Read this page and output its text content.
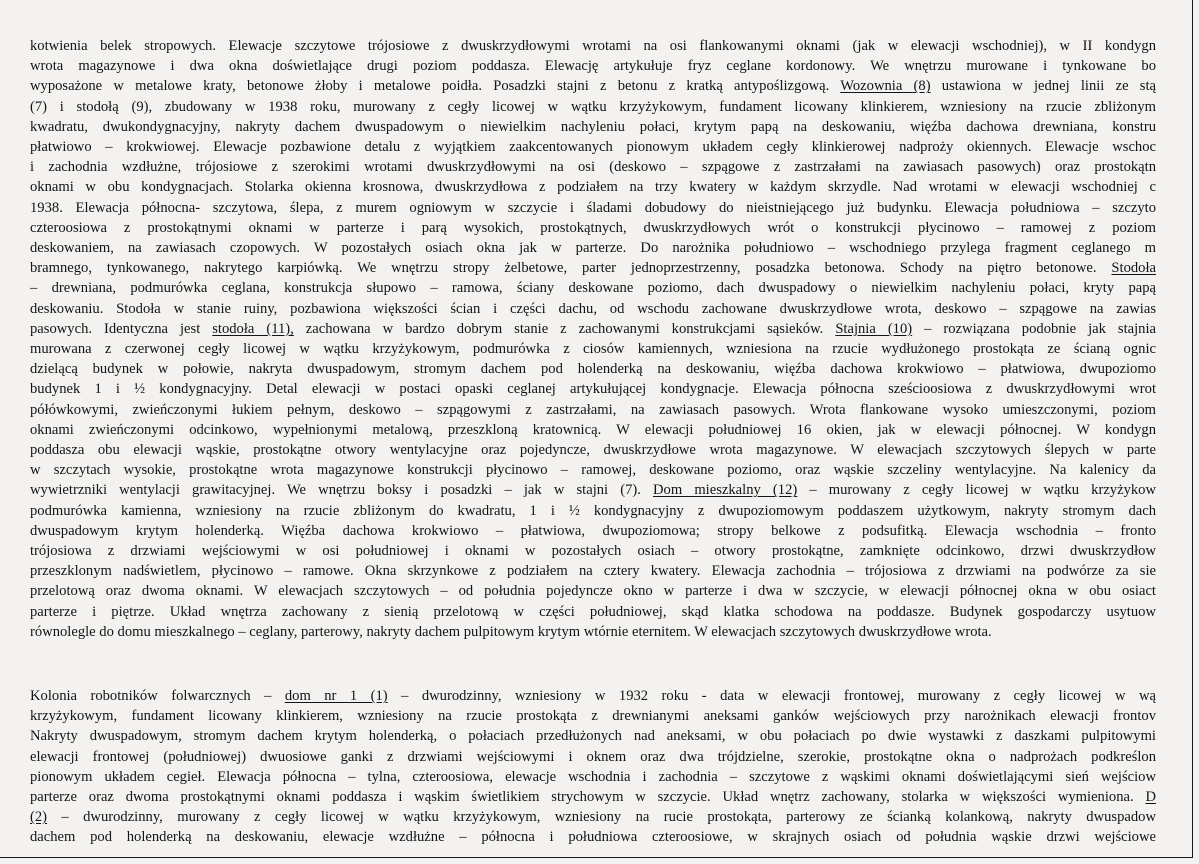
kotwienia belek stropowych. Elewacje szczytowe trójosiowe z dwuskrzydłowymi wrotami na osi flankowanymi oknami (jak w elewacji wschodniej), w II kondygn
wrota magazynowe i dwa okna doświetlające drugi poziom poddasza. Elewację artykułuje fryz ceglane kordonowy. We wnętrzu murowane i tynkowane bo
wyposażone w metalowe kraty, betonowe żłoby i metalowe poidła. Posadzki stajni z betonu z kratką antypoślizgową. Wozownia (8) ustawiona w jednej linii ze stą
(7) i stodołą (9), zbudowany w 1938 roku, murowany z cegły licowej w wątku krzyżykowym, fundament licowany klinkierem, wzniesiony na rzucie zbliżonym
kwadratu, dwukondygnacyjny, nakryty dachem dwuspadowym o niewielkim nachyleniu połaci, krytym papą na deskowaniu, więźba dachowa drewniana, konstru
płatwiowo – krokwiowej. Elewacje pozbawione detalu z wyjątkiem zaakcentowanych pionowym układem cegły klinkierowej nadproży okiennych. Elewacje wschoc
i zachodnia wzdłużne, trójosiowe z szerokimi wrotami dwuskrzydłowymi na osi (deskowo – szpągowe z zastrzałami na zawiasach pasowych) oraz prostokątn
oknami w obu kondygnacjach. Stolarka okienna krosnowa, dwuskrzydłowa z podziałem na trzy kwatery w każdym skrzydle. Nad wrotami w elewacji wschodniej c
1938. Elewacja północna- szczytowa, ślepa, z murem ogniowym w szczycie i śladami dobudowy do nieistniejącego już budynku. Elewacja południowa – szczyto
czteroosiowa z prostokątnymi oknami w parterze i parą wysokich, prostokątnych, dwuskrzydłowych wrót o konstrukcji płycinowo – ramowej z poziom
deskowaniem, na zawiasach czopowych. W pozostałych osiach okna jak w parterze. Do narożnika południowo – wschodniego przylega fragment ceglanego m
bramnego, tynkowanego, nakrytego karpiówką. We wnętrzu stropy żelbetowe, parter jednoprzestrzenny, posadzka betonowa. Schody na piętro betonowe. Stodoła
– drewniana, podmurówka ceglana, konstrukcja słupowo – ramowa, ściany deskowane poziomo, dach dwuspadowy o niewielkim nachyleniu połaci, kryty papą
deskowaniu. Stodoła w stanie ruiny, pozbawiona większości ścian i części dachu, od wschodu zachowane dwuskrzydłowe wrota, deskowo – szpągowe na zawias
pasowych. Identyczna jest stodoła (11), zachowana w bardzo dobrym stanie z zachowanymi konstrukcjami sąsieków. Stajnia (10) – rozwiązana podobnie jak stajnia
murowana z czerwonej cegły licowej w wątku krzyżykowym, podmurówka z ciosów kamiennych, wzniesiona na rzucie wydłużonego prostokąta ze ścianą ognic
dzielącą budynek w połowie, nakryta dwuspadowym, stromym dachem pod holenderką na deskowaniu, więźba dachowa krokwiowo – płatwiowa, dwupoziomo
budynek 1 i ½ kondygnacyjny. Detal elewacji w postaci opaski ceglanej artykułującej kondygnacje. Elewacja północna sześcioosiowa z dwuskrzydłowymi wrot
półówkowymi, zwieńczonymi łukiem pełnym, deskowo – szpągowymi z zastrzałami, na zawiasach pasowych. Wrota flankowane wysoko umieszczonymi, poziom
oknami zwieńczonymi odcinkowo, wypełnionymi metalową, przeszkloną kratownicą. W elewacji południowej 16 okien, jak w elewacji północnej. W kondygn
poddasza obu elewacji wąskie, prostokątne otwory wentylacyjne oraz pojedyncze, dwuskrzydłowe wrota magazynowe. W elewacjach szczytowych ślepych w parte
w szczytach wysokie, prostokątne wrota magazynowe konstrukcji płycinowo – ramowej, deskowane poziomo, oraz wąskie szczeliny wentylacyjne. Na kalenicy da
wywietrzniki wentylacji grawitacyjnej. We wnętrzu boksy i posadzki – jak w stajni (7). Dom mieszkalny (12) – murowany z cegły licowej w wątku krzyżykow
podmurówka kamienna, wzniesiony na rzucie zbliżonym do kwadratu, 1 i ½ kondygnacyjny z dwupoziomowym poddaszem użytkowym, nakryty stromym dach
dwuspadowym krytym holenderką. Więźba dachowa krokwiowo – płatwiowa, dwupoziomowa; stropy belkowe z podsufitką. Elewacja wschodnia – fronto
trójosiowa z drzwiami wejściowymi w osi południowej i oknami w pozostałych osiach – otwory prostokątne, zamknięte odcinkowo, drzwi dwuskrzydłow
przeszklonym nadświetlem, płycinowo – ramowe. Okna skrzynkowe z podziałem na cztery kwatery. Elewacja zachodnia – trójosiowa z drzwiami na podwórze za sie
przelotową oraz dwoma oknami. W elewacjach szczytowych – od południa pojedyncze okno w parterze i dwa w szczycie, w elewacji północnej okna w obu osiact
parterze i piętrze. Układ wnętrza zachowany z sienią przelotową w części południowej, skąd klatka schodowa na poddasze. Budynek gospodarczy usytuow
równolegle do domu mieszkalnego – ceglany, parterowy, nakryty dachem pulpitowym krytym wtórnie eternitem. W elewacjach szczytowych dwuskrzydłowe wrota.
Kolonia robotników folwarcznych – dom nr 1 (1) – dwurodzinny, wzniesiony w 1932 roku - data w elewacji frontowej, murowany z cegły licowej w wą
krzyżykowym, fundament licowany klinkierem, wzniesiony na rzucie prostokąta z drewnianymi aneksami ganków wejściowych przy narożnikach elewacji frontov
Nakryty dwuspadowym, stromym dachem krytym holenderką, o połaciach przedłużonych nad aneksami, w obu połaciach po dwie wystawki z daszkami pulpitowymi
elewacji frontowej (południowej) dwuosiowe ganki z drzwiami wejściowymi i oknem oraz dwa trójdzielne, szerokie, prostokątne okna o nadprożach podkreślon
pionowym układem cegieł. Elewacja północna – tylna, czteroosiowa, elewacje wschodnia i zachodnia – szczytowe z wąskimi oknami doświetlającymi sień wejściow
parterze oraz dwoma prostokątnymi oknami poddasza i wąskim świetlikiem strychowym w szczycie. Układ wnętrz zachowany, stolarka w większości wymieniona. D
(2) – dwurodzinny, murowany z cegły licowej w wątku krzyżykowym, wzniesiony na rucie prostokąta, parterowy ze ścianką kolankową, nakryty dwuspadow
dachem pod holenderką na deskowaniu, elewacje wzdłużne – północna i południowa czteroosiowe, w skrajnych osiach od południa wąskie drzwi wejściowe
